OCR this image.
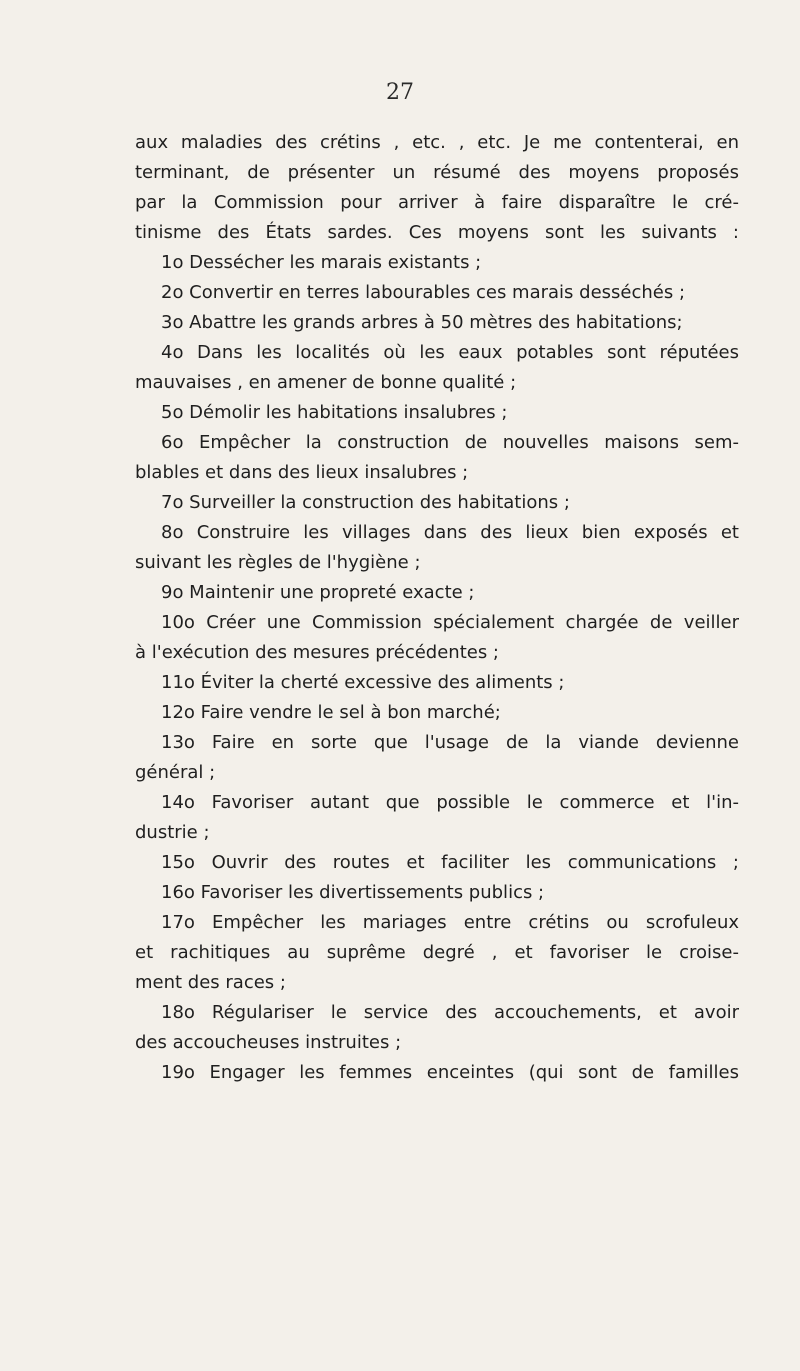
27
aux maladies des crétins , etc. , etc. Je me contenterai, en
terminant, de présenter un résumé des moyens proposés
par la Commission pour arriver à faire disparaître le cré-
tinisme des États sardes. Ces moyens sont les suivants :
1o Dessécher les marais existants ;
2o Convertir en terres labourables ces marais desséchés ;
3o Abattre les grands arbres à 50 mètres des habitations;
4o Dans les localités où les eaux potables sont réputées
mauvaises , en amener de bonne qualité ;
5o Démolir les habitations insalubres ;
6o Empêcher la construction de nouvelles maisons sem-
blables et dans des lieux insalubres ;
7o Surveiller la construction des habitations ;
8o Construire les villages dans des lieux bien exposés et
suivant les règles de l'hygiène ;
9o Maintenir une propreté exacte ;
10o Créer une Commission spécialement chargée de veiller
à l'exécution des mesures précédentes ;
11o Éviter la cherté excessive des aliments ;
12o Faire vendre le sel à bon marché;
13o Faire en sorte que l'usage de la viande devienne
général ;
14o Favoriser autant que possible le commerce et l'in-
dustrie ;
15o Ouvrir des routes et faciliter les communications ;
16o Favoriser les divertissements publics ;
17o Empêcher les mariages entre crétins ou scrofuleux
et rachitiques au suprême degré , et favoriser le croise-
ment des races ;
18o Régulariser le service des accouchements, et avoir
des accoucheuses instruites ;
19o Engager les femmes enceintes (qui sont de familles
